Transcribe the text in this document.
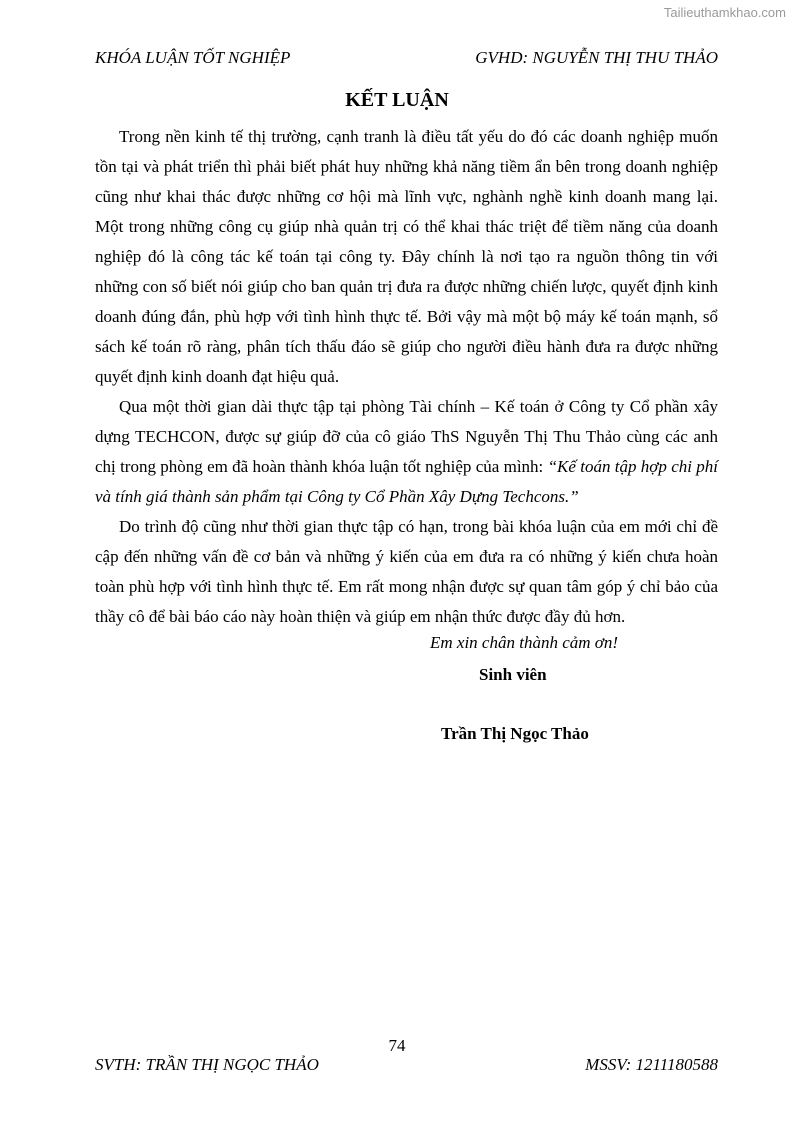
Tailieuthamkhao.com
KHÓA LUẬN TỐT NGHIỆP	GVHD: NGUYỄN THỊ THU THẢO
KẾT LUẬN

Trong nền kinh tế thị trường, cạnh tranh là điều tất yếu do đó các doanh nghiệp muốn tồn tại và phát triển thì phải biết phát huy những khả năng tiềm ẩn bên trong doanh nghiệp cũng như khai thác được những cơ hội mà lĩnh vực, nghành nghề kinh doanh mang lại. Một trong những công cụ giúp nhà quản trị có thể khai thác triệt để tiềm năng của doanh nghiệp đó là công tác kế toán tại công ty. Đây chính là nơi tạo ra nguồn thông tin với những con số biết nói giúp cho ban quản trị đưa ra được những chiến lược, quyết định kinh doanh đúng đắn, phù hợp với tình hình thực tế. Bởi vậy mà một bộ máy kế toán mạnh, sổ sách kế toán rõ ràng, phân tích thấu đáo sẽ giúp cho người điều hành đưa ra được những quyết định kinh doanh đạt hiệu quả.

Qua một thời gian dài thực tập tại phòng Tài chính – Kế toán ở Công ty Cổ phần xây dựng TECHCON, được sự giúp đỡ của cô giáo ThS Nguyễn Thị Thu Thảo cùng các anh chị trong phòng em đã hoàn thành khóa luận tốt nghiệp của mình: “Kế toán tập hợp chi phí và tính giá thành sản phẩm tại Công ty Cổ Phần Xây Dựng Techcons.”

Do trình độ cũng như thời gian thực tập có hạn, trong bài khóa luận của em mới chỉ đề cập đến những vấn đề cơ bản và những ý kiến của em đưa ra có những ý kiến chưa hoàn toàn phù hợp với tình hình thực tế. Em rất mong nhận được sự quan tâm góp ý chỉ bảo của thầy cô để bài báo cáo này hoàn thiện và giúp em nhận thức được đầy đủ hơn.

Em xin chân thành cảm ơn!
Sinh viên
Trần Thị Ngọc Thảo
74
SVTH: TRẦN THỊ NGỌC THẢO	MSSV: 1211180588
